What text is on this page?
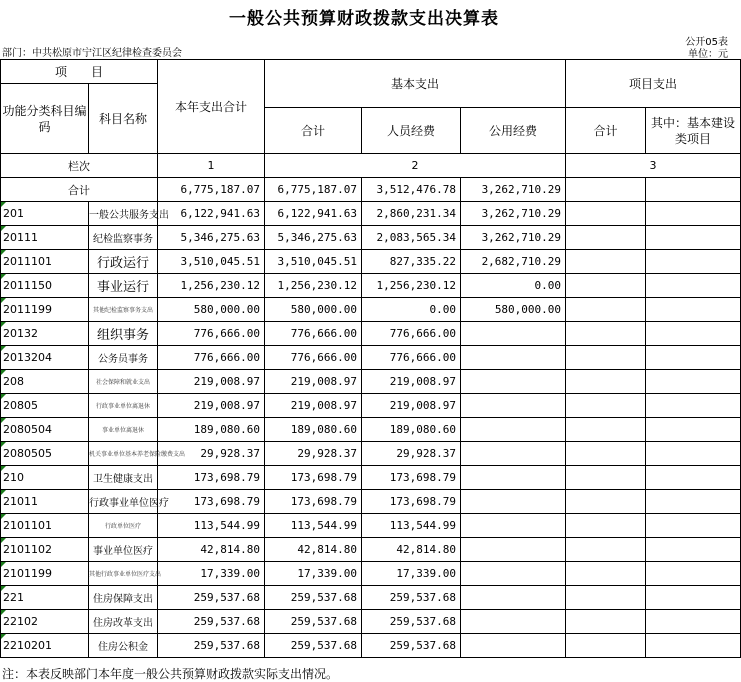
一般公共预算财政拨款支出决算表
公开05表
部门：中共松原市宁江区纪律检查委员会	单位：元
项　　目		本年支出合计	基本支出			项目支出	
功能分类科目编码	科目名称						
			合计	人员经费	公用经费	合计	其中：基本建设类项目
栏次		1	2			3	
合计		6,775,187.07	6,775,187.07	3,512,476.78	3,262,710.29		
201	一般公共服务支出	6,122,941.63	6,122,941.63	2,860,231.34	3,262,710.29		
20111	纪检监察事务	5,346,275.63	5,346,275.63	2,083,565.34	3,262,710.29		
2011101	行政运行	3,510,045.51	3,510,045.51	827,335.22	2,682,710.29		
2011150	事业运行	1,256,230.12	1,256,230.12	1,256,230.12	0.00		
2011199	其他纪检监察事务支出	580,000.00	580,000.00	0.00	580,000.00		
20132	组织事务	776,666.00	776,666.00	776,666.00			
2013204	公务员事务	776,666.00	776,666.00	776,666.00			
208	社会保障和就业支出	219,008.97	219,008.97	219,008.97			
20805	行政事业单位离退休	219,008.97	219,008.97	219,008.97			
2080504	事业单位离退休	189,080.60	189,080.60	189,080.60			
2080505	机关事业单位基本养老保险缴费支出	29,928.37	29,928.37	29,928.37			
210	卫生健康支出	173,698.79	173,698.79	173,698.79			
21011	行政事业单位医疗	173,698.79	173,698.79	173,698.79			
2101101	行政单位医疗	113,544.99	113,544.99	113,544.99			
2101102	事业单位医疗	42,814.80	42,814.80	42,814.80			
2101199	其他行政事业单位医疗支出	17,339.00	17,339.00	17,339.00			
221	住房保障支出	259,537.68	259,537.68	259,537.68			
22102	住房改革支出	259,537.68	259,537.68	259,537.68			
2210201	住房公积金	259,537.68	259,537.68	259,537.68			
注：本表反映部门本年度一般公共预算财政拨款实际支出情况。
